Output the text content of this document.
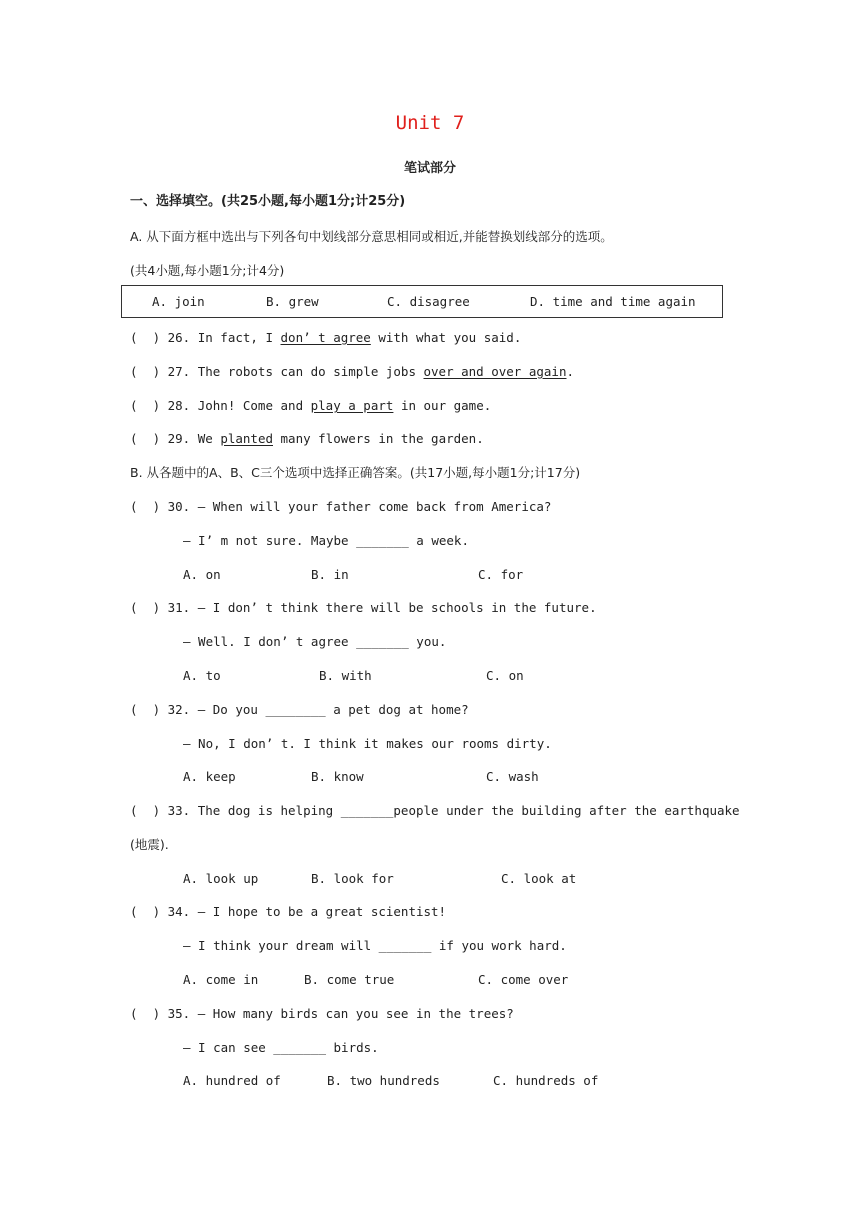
Unit 7
笔试部分
一、选择填空。(共25小题,每小题1分;计25分)
A. 从下面方框中选出与下列各句中划线部分意思相同或相近,并能替换划线部分的选项。
(共4小题,每小题1分;计4分)
A. join	B. grew	C. disagree	D. time and time again
(  ) 26. In fact, I don’ t agree with what you said.
(  ) 27. The robots can do simple jobs over and over again.
(  ) 28. John! Come and play a part in our game.
(  ) 29. We planted many flowers in the garden.
B. 从各题中的A、B、C三个选项中选择正确答案。(共17小题,每小题1分;计17分)
(  ) 30. — When will your father come back from America?
— I’ m not sure. Maybe _______ a week.
A. on	B. in	C. for
(  ) 31. — I don’ t think there will be schools in the future.
— Well. I don’ t agree _______ you.
A. to	B. with	C. on
(  ) 32. — Do you ________ a pet dog at home?
— No, I don’ t. I think it makes our rooms dirty.
A. keep	B. know	C. wash
(  ) 33. The dog is helping _______people under the building after the earthquake
(地震).
A. look up	B. look for	C. look at
(  ) 34. — I hope to be a great scientist!
— I think your dream will _______ if you work hard.
A. come in	B. come true	C. come over
(  ) 35. — How many birds can you see in the trees?
— I can see _______ birds.
A. hundred of	B. two hundreds	C. hundreds of
